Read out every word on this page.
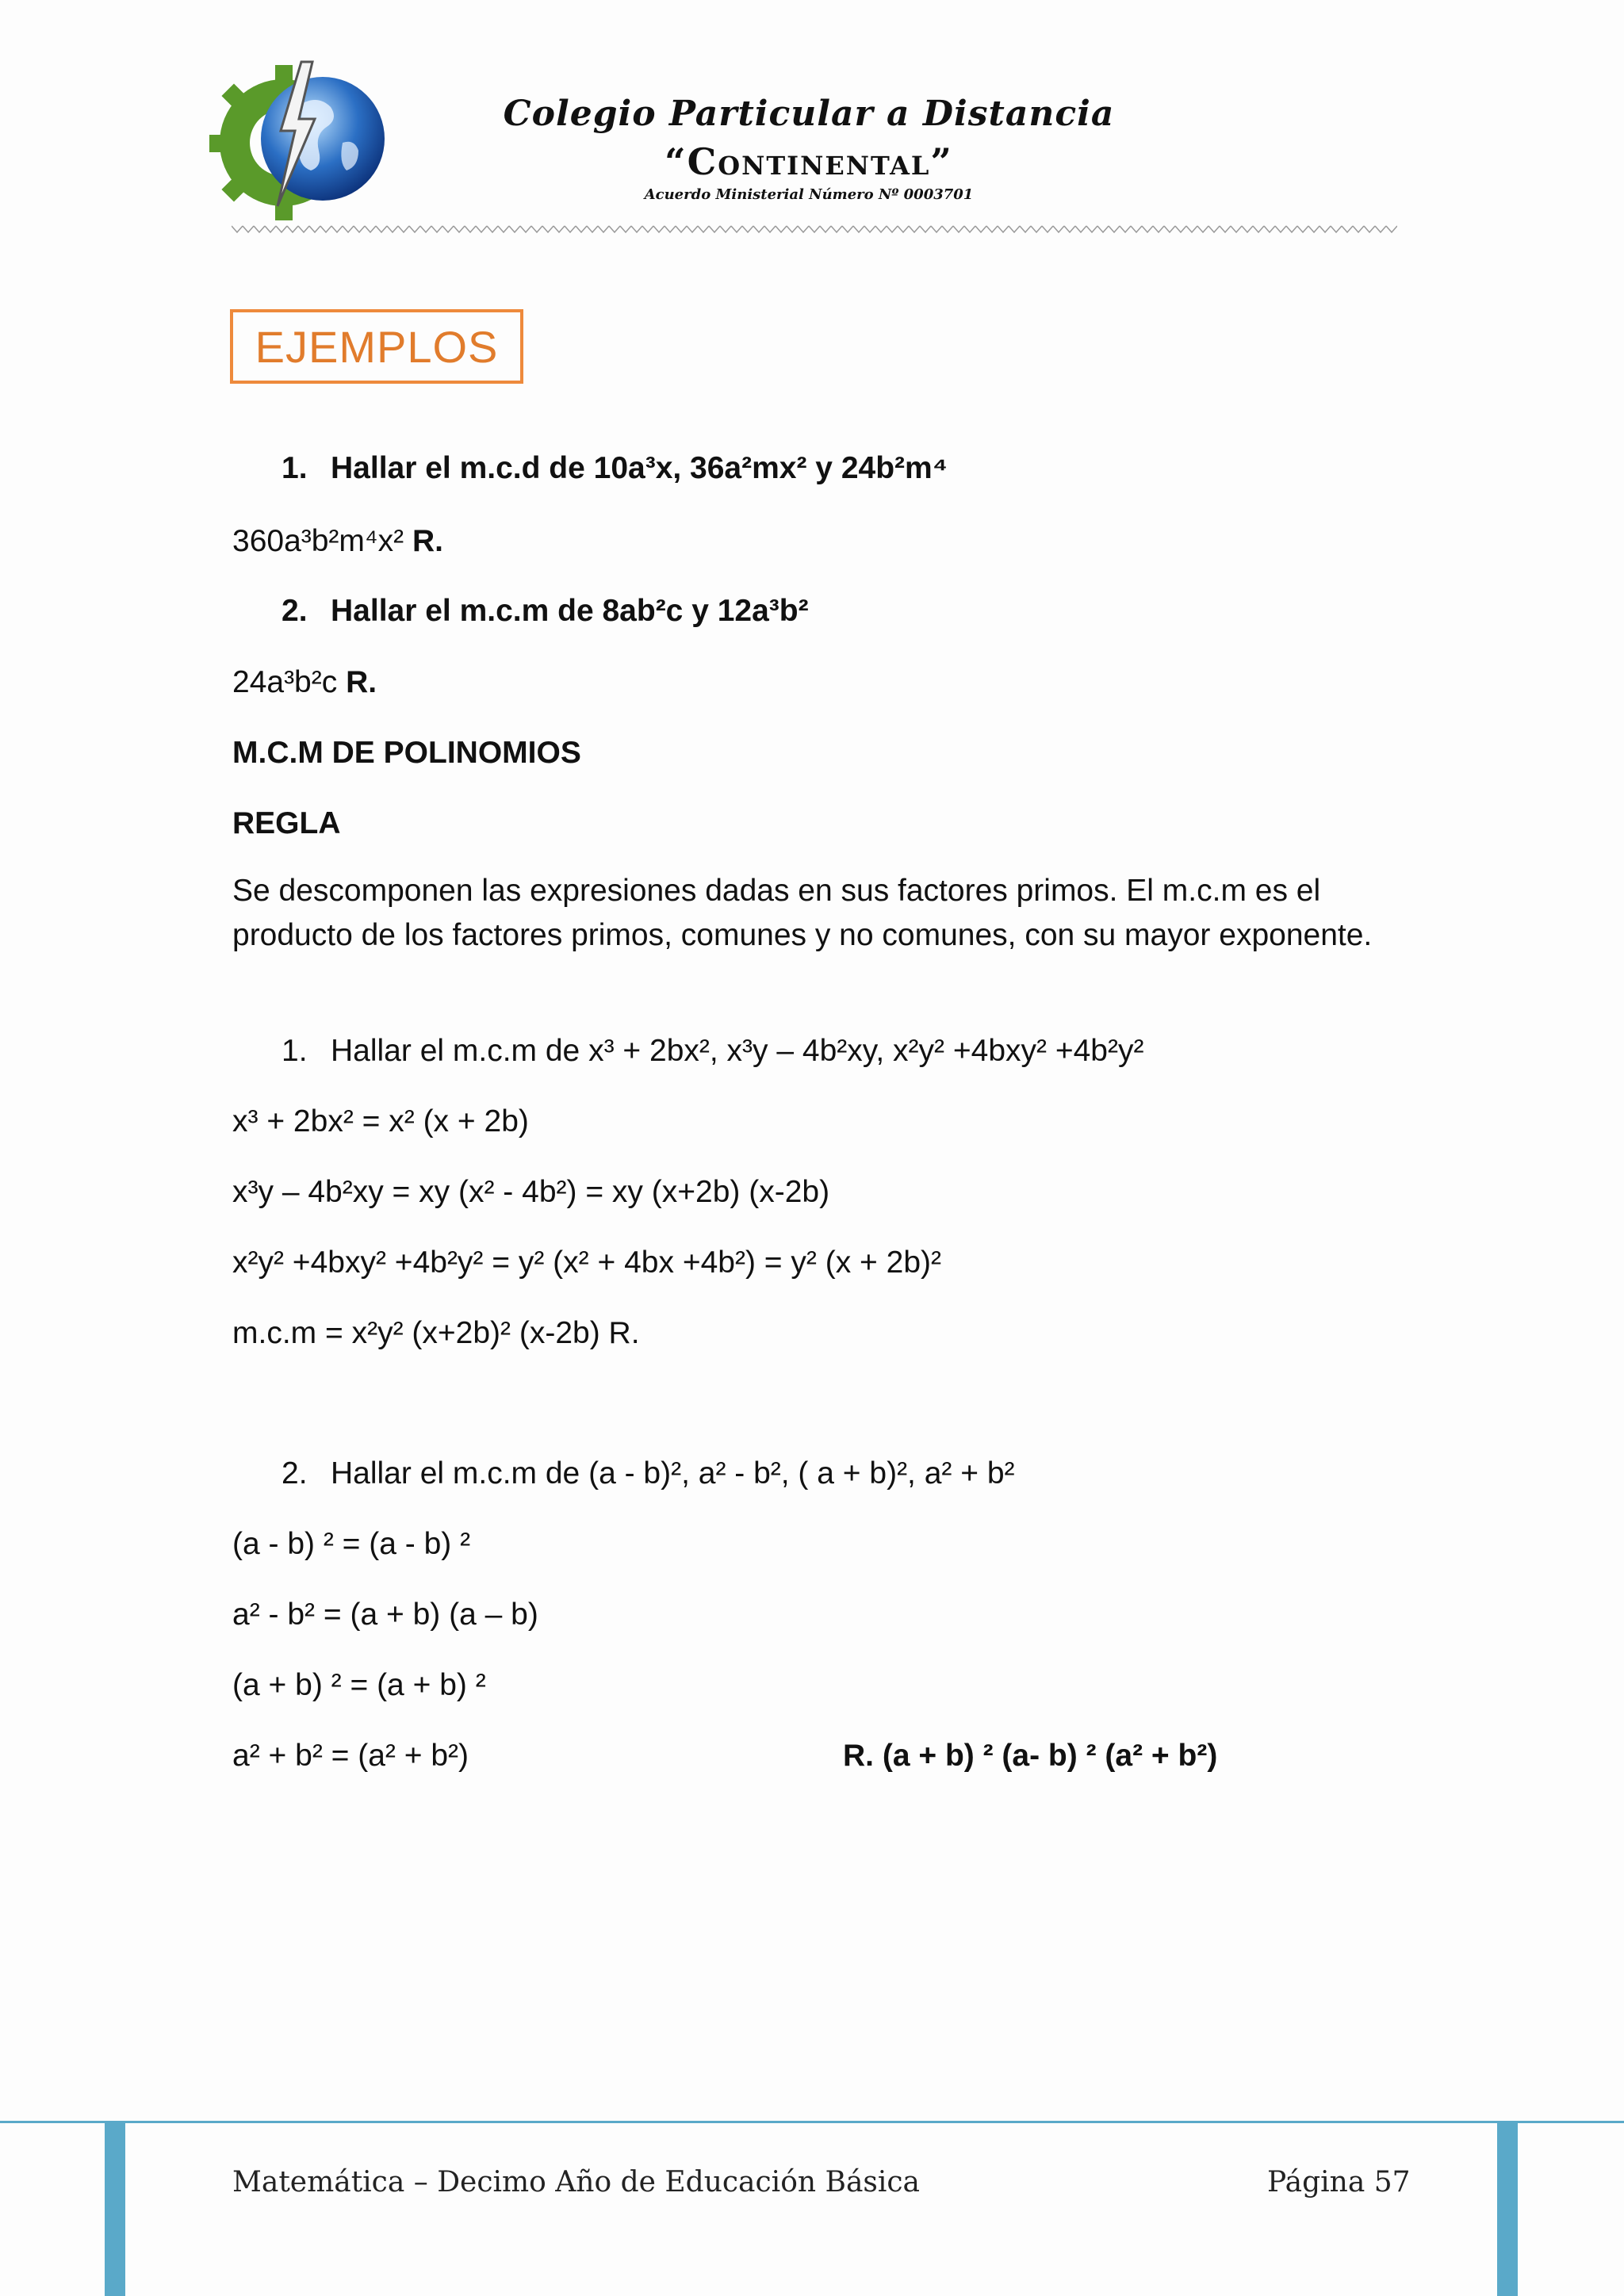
Colegio Particular a Distancia
“Continental”
Acuerdo Ministerial Número Nº 0003701
EJEMPLOS
1. Hallar el m.c.d de 10a³x, 36a²mx² y 24b²m⁴
360a³b²m⁴x² R.
2. Hallar el m.c.m de 8ab²c y 12a³b²
24a³b²c R.
M.C.M DE POLINOMIOS
REGLA
Se descomponen las expresiones dadas en sus factores primos. El m.c.m es el producto de los factores primos, comunes y no comunes, con su mayor exponente.
1. Hallar el m.c.m de x³ + 2bx², x³y – 4b²xy, x²y² +4bxy² +4b²y²
x³ + 2bx² = x² (x + 2b)
x³y – 4b²xy = xy (x² - 4b²) = xy (x+2b) (x-2b)
x²y² +4bxy² +4b²y² = y² (x² + 4bx +4b²) = y² (x + 2b)²
m.c.m = x²y² (x+2b)² (x-2b) R.
2. Hallar el m.c.m de (a - b)², a² - b², ( a + b)², a² + b²
(a - b) ² = (a - b) ²
a² - b² = (a + b) (a – b)
(a + b) ² = (a + b) ²
a² + b² = (a² + b²)	R. (a + b) ² (a- b) ² (a² + b²)
Matemática – Decimo Año de Educación Básica	Página 57
